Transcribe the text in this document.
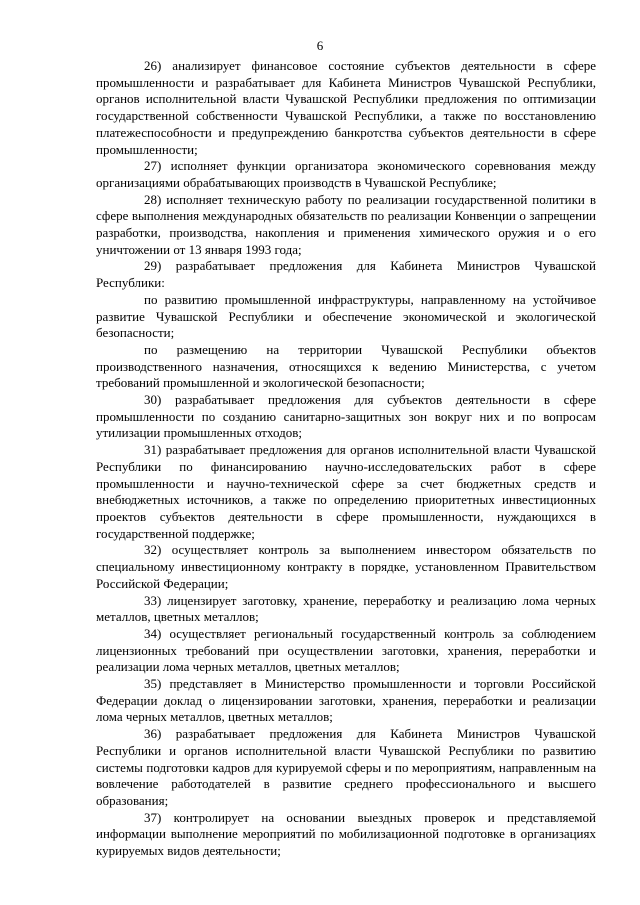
6

26) анализирует финансовое состояние субъектов деятельности в сфере промышленности и разрабатывает для Кабинета Министров Чувашской Республики, органов исполнительной власти Чувашской Республики предложения по оптимизации государственной собственности Чувашской Республики, а также по восстановлению платежеспособности и предупреждению банкротства субъектов деятельности в сфере промышленности;

27) исполняет функции организатора экономического соревнования между организациями обрабатывающих производств в Чувашской Республике;

28) исполняет техническую работу по реализации государственной политики в сфере выполнения международных обязательств по реализации Конвенции о запрещении разработки, производства, накопления и применения химического оружия и о его уничтожении от 13 января 1993 года;

29) разрабатывает предложения для Кабинета Министров Чувашской Республики:

по развитию промышленной инфраструктуры, направленному на устойчивое развитие Чувашской Республики и обеспечение экономической и экологической безопасности;

по размещению на территории Чувашской Республики объектов производственного назначения, относящихся к ведению Министерства, с учетом требований промышленной и экологической безопасности;

30) разрабатывает предложения для субъектов деятельности в сфере промышленности по созданию санитарно-защитных зон вокруг них и по вопросам утилизации промышленных отходов;

31) разрабатывает предложения для органов исполнительной власти Чувашской Республики по финансированию научно-исследовательских работ в сфере промышленности и научно-технической сфере за счет бюджетных средств и внебюджетных источников, а также по определению приоритетных инвестиционных проектов субъектов деятельности в сфере промышленности, нуждающихся в государственной поддержке;

32) осуществляет контроль за выполнением инвестором обязательств по специальному инвестиционному контракту в порядке, установленном Правительством Российской Федерации;

33) лицензирует заготовку, хранение, переработку и реализацию лома черных металлов, цветных металлов;

34) осуществляет региональный государственный контроль за соблюдением лицензионных требований при осуществлении заготовки, хранения, переработки и реализации лома черных металлов, цветных металлов;

35) представляет в Министерство промышленности и торговли Российской Федерации доклад о лицензировании заготовки, хранения, переработки и реализации лома черных металлов, цветных металлов;

36) разрабатывает предложения для Кабинета Министров Чувашской Республики и органов исполнительной власти Чувашской Республики по развитию системы подготовки кадров для курируемой сферы и по мероприятиям, направленным на вовлечение работодателей в развитие среднего профессионального и высшего образования;

37) контролирует на основании выездных проверок и представляемой информации выполнение мероприятий по мобилизационной подготовке в организациях курируемых видов деятельности;
